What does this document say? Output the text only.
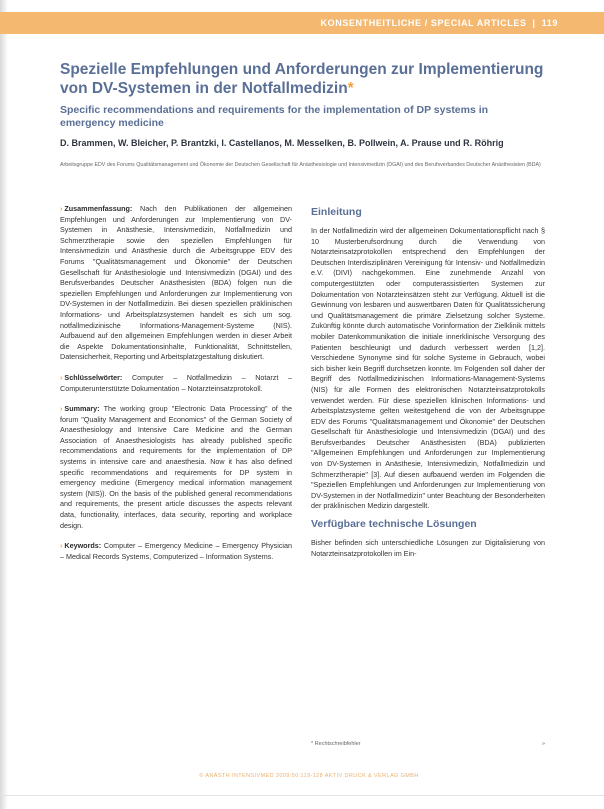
KONSENTHEITLICHE / SPECIAL ARTICLES | 119
Spezielle Empfehlungen und Anforderungen zur Implementierung von DV-Systemen in der Notfallmedizin*
Specific recommendations and requirements for the implementation of DP systems in emergency medicine
D. Brammen, W. Bleicher, P. Brantzki, I. Castellanos, M. Messelken, B. Pollwein, A. Prause und R. Röhrig
Arbeitsgruppe EDV des Forums Qualitätsmanagement und Ökonomie der Deutschen Gesellschaft für Anästhesiologie und Intensivmedizin (DGAI) und des Berufsverbandes Deutscher Anästhesisten (BDA)
› Zusammenfassung: Nach den Publikationen der allgemeinen Empfehlungen und Anforderungen zur Implementierung von DV-Systemen in Anästhesie, Intensivmedizin, Notfallmedizin und Schmerztherapie sowie den speziellen Empfehlungen für Intensivmedizin und Anästhesie durch die Arbeitsgruppe EDV des Forums "Qualitätsmanagement und Ökonomie" der Deutschen Gesellschaft für Anästhesiologie und Intensivmedizin (DGAI) und des Berufsverbandes Deutscher Anästhesisten (BDA) folgen nun die speziellen Empfehlungen und Anforderungen zur Implementierung von DV-Systemen in der Notfallmedizin. Bei diesen speziellen präklinischen Informations- und Arbeitsplatzsystemen handelt es sich um sog. notfallmedizinische Informations-Management-Systeme (NIS). Aufbauend auf den allgemeinen Empfehlungen werden in dieser Arbeit die Aspekte Dokumentationsinhalte, Funktionalität, Schnittstellen, Datensicherheit, Reporting und Arbeitsplatzgestaltung diskutiert.
› Schlüsselwörter: Computer – Notfallmedizin – Notarzt – Computerunterstützte Dokumentation – Notarzteinsatzprotokoll.
› Summary: The working group "Electronic Data Processing" of the forum "Quality Management and Economics" of the German Society of Anaesthesiology and Intensive Care Medicine and the German Association of Anaesthesiologists has already published specific recommendations and requirements for the implementation of DP systems in intensive care and anaesthesia. Now it has also defined specific recommendations and requirements for DP system in emergency medicine (Emergency medical information management system (NIS)). On the basis of the published general recommendations and requirements, the present article discusses the aspects relevant data, functionality, interfaces, data security, reporting and workplace design.
› Keywords: Computer – Emergency Medicine – Emergency Physician – Medical Records Systems, Computerized – Information Systems.
Einleitung
In der Notfallmedizin wird der allgemeinen Dokumentationspflicht nach § 10 Musterberufsordnung durch die Verwendung von Notarzteinsatzprotokollen entsprechend den Empfehlungen der Deutschen Interdisziplinären Vereinigung für Intensiv- und Notfallmedizin e.V. (DIVI) nachgekommen. Eine zunehmende Anzahl von computergestützten oder computerassistierten Systemen zur Dokumentation von Notarzteinsätzen steht zur Verfügung. Aktuell ist die Gewinnung von lesbaren und auswertbaren Daten für Qualitätssicherung und Qualitätsmanagement die primäre Zielsetzung solcher Systeme. Zukünftig könnte durch automatische Vorinformation der Zielklinik mittels mobiler Datenkommunikation die initiale innerklinische Versorgung des Patienten beschleunigt und dadurch verbessert werden [1,2]. Verschiedene Synonyme sind für solche Systeme in Gebrauch, wobei sich bisher kein Begriff durchsetzen konnte. Im Folgenden soll daher der Begriff des Notfallmedizinischen Informations-Management-Systems (NIS) für alle Formen des elektronischen Notarzteinsatzprotokolls verwendet werden. Für diese speziellen klinischen Informations- und Arbeitsplatzsysteme gelten weitestgehend die von der Arbeitsgruppe EDV des Forums "Qualitätsmanagement und Ökonomie" der Deutschen Gesellschaft für Anästhesiologie und Intensivmedizin (DGAI) und des Berufsverbandes Deutscher Anästhesisten (BDA) publizierten "Allgemeinen Empfehlungen und Anforderungen zur Implementierung von DV-Systemen in Anästhesie, Intensivmedizin, Notfallmedizin und Schmerztherapie" [3]. Auf diesen aufbauend werden im Folgenden die "Speziellen Empfehlungen und Anforderungen zur Implementierung von DV-Systemen in der Notfallmedizin" unter Beachtung der Besonderheiten der präklinischen Medizin dargestellt.
Verfügbare technische Lösungen
Bisher befinden sich unterschiedliche Lösungen zur Digitalisierung von Notarzteinsatzprotokollen im Ein-
* Rechtschreibfehler	»
© ANÄSTH INTENSIVMED 2009;50:119-128 AKTIV DRUCK & VERLAG GMBH
